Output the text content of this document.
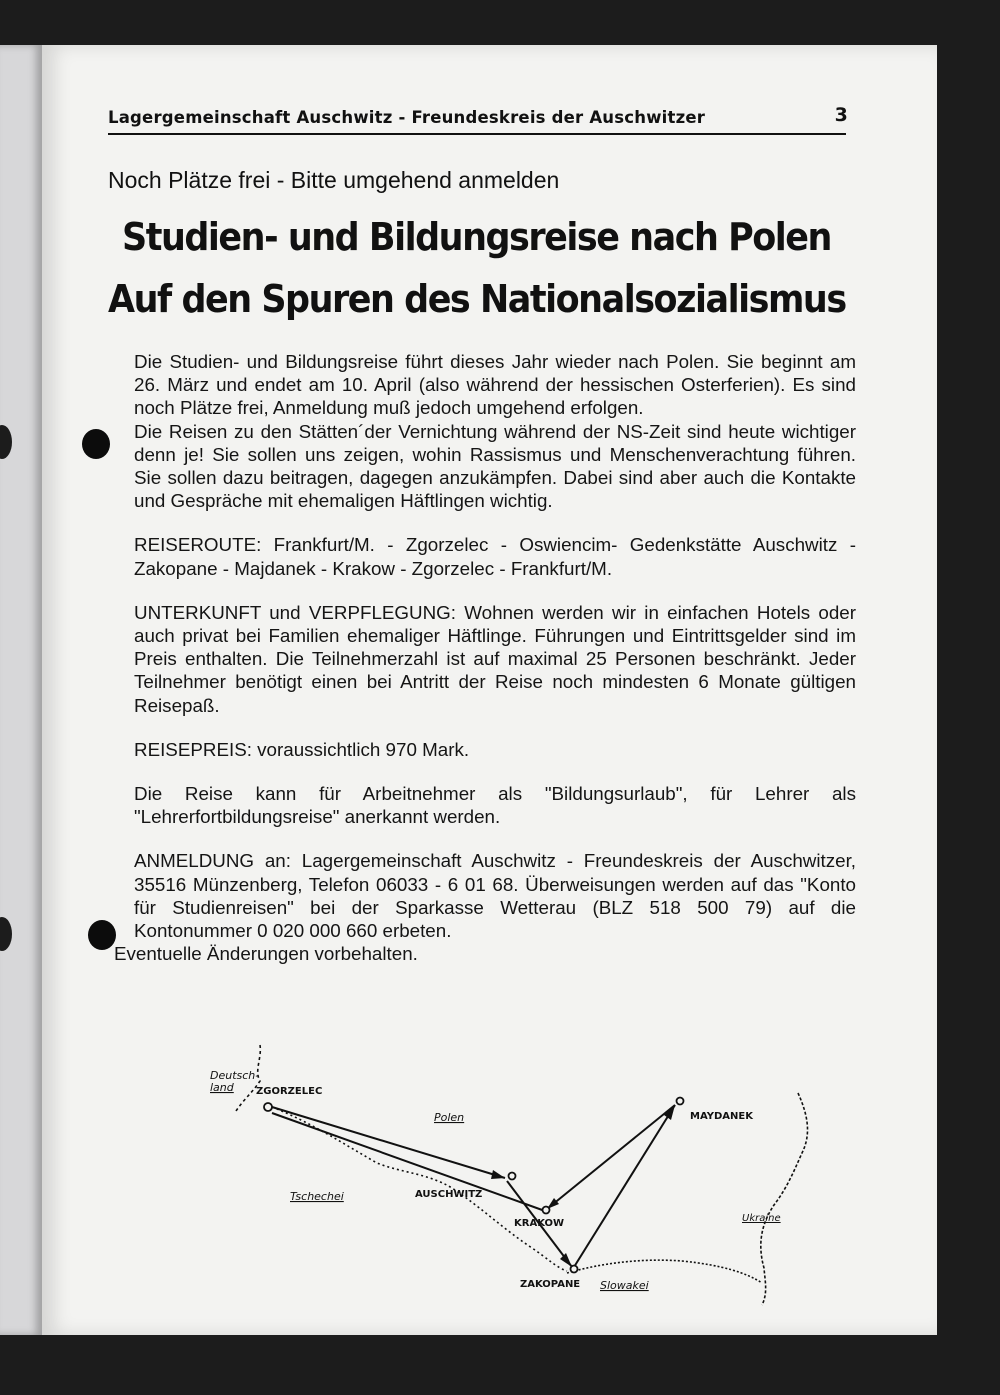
Lagergemeinschaft Auschwitz - Freundeskreis der Auschwitzer	3
Noch Plätze frei - Bitte umgehend anmelden
Studien- und Bildungsreise nach Polen
Auf den Spuren des Nationalsozialismus

Die Studien- und Bildungsreise führt dieses Jahr wieder nach Polen. Sie beginnt am 26. März und endet am 10. April (also während der hessischen Osterferien). Es sind noch Plätze frei, Anmeldung muß jedoch umgehend erfolgen.

Die Reisen zu den Stätten´der Vernichtung während der NS-Zeit sind heute wichtiger denn je! Sie sollen uns zeigen, wohin Rassismus und Menschenverachtung führen. Sie sollen dazu beitragen, dagegen anzukämpfen. Dabei sind aber auch die Kontakte und Gespräche mit ehemaligen Häftlingen wichtig.

REISEROUTE: Frankfurt/M. - Zgorzelec - Oswiencim- Gedenkstätte Auschwitz - Zakopane - Majdanek - Krakow - Zgorzelec - Frankfurt/M.

UNTERKUNFT und VERPFLEGUNG: Wohnen werden wir in einfachen Hotels oder auch privat bei Familien ehemaliger Häftlinge. Führungen und Eintrittsgelder sind im Preis enthalten. Die Teilnehmerzahl ist auf maximal 25 Personen beschränkt. Jeder Teilnehmer benötigt einen bei Antritt der Reise noch mindesten 6 Monate gültigen Reisepaß.

REISEPREIS: voraussichtlich 970 Mark.

Die Reise kann für Arbeitnehmer als "Bildungsurlaub", für Lehrer als "Lehrerfortbildungsreise" anerkannt werden.

ANMELDUNG an: Lagergemeinschaft Auschwitz - Freundeskreis der Auschwitzer, 35516 Münzenberg, Telefon 06033 - 6 01 68. Überweisungen werden auf das "Konto für Studienreisen" bei der Sparkasse Wetterau (BLZ 518 500 79) auf die Kontonummer 0 020 000 660 erbeten.

Eventuelle Änderungen vorbehalten.

Deutsch-
land ZGORZELEC
Polen	MAYDANEK
Tschechei	AUSCHWITZ
KRAKOW	Ukraine
ZAKOPANE Slowakei
